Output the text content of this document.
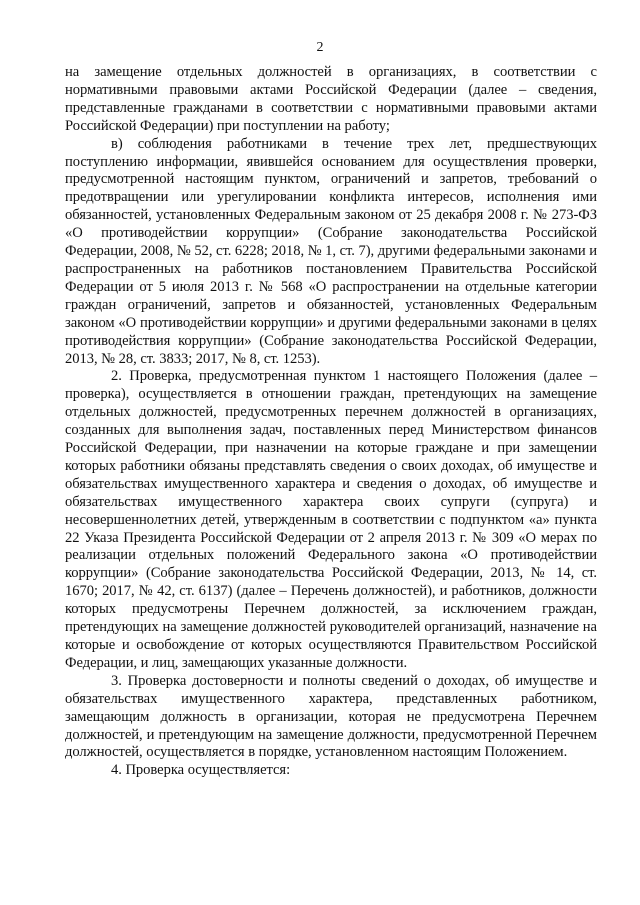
2

на замещение отдельных должностей в организациях, в соответствии с нормативными правовыми актами Российской Федерации (далее – сведения, представленные гражданами в соответствии с нормативными правовыми актами Российской Федерации) при поступлении на работу;

в) соблюдения работниками в течение трех лет, предшествующих поступлению информации, явившейся основанием для осуществления проверки, предусмотренной настоящим пунктом, ограничений и запретов, требований о предотвращении или урегулировании конфликта интересов, исполнения ими обязанностей, установленных Федеральным законом от 25 декабря 2008 г. № 273-ФЗ «О противодействии коррупции» (Собрание законодательства Российской Федерации, 2008, № 52, ст. 6228; 2018, № 1, ст. 7), другими федеральными законами и распространенных на работников постановлением Правительства Российской Федерации от 5 июля 2013 г. № 568 «О распространении на отдельные категории граждан ограничений, запретов и обязанностей, установленных Федеральным законом «О противодействии коррупции» и другими федеральными законами в целях противодействия коррупции» (Собрание законодательства Российской Федерации, 2013, № 28, ст. 3833; 2017, № 8, ст. 1253).

2. Проверка, предусмотренная пунктом 1 настоящего Положения (далее – проверка), осуществляется в отношении граждан, претендующих на замещение отдельных должностей, предусмотренных перечнем должностей в организациях, созданных для выполнения задач, поставленных перед Министерством финансов Российской Федерации, при назначении на которые граждане и при замещении которых работники обязаны представлять сведения о своих доходах, об имуществе и обязательствах имущественного характера и сведения о доходах, об имуществе и обязательствах имущественного характера своих супруги (супруга) и несовершеннолетних детей, утвержденным в соответствии с подпунктом «а» пункта 22 Указа Президента Российской Федерации от 2 апреля 2013 г. № 309 «О мерах по реализации отдельных положений Федерального закона «О противодействии коррупции» (Собрание законодательства Российской Федерации, 2013, № 14, ст. 1670; 2017, № 42, ст. 6137) (далее – Перечень должностей), и работников, должности которых предусмотрены Перечнем должностей, за исключением граждан, претендующих на замещение должностей руководителей организаций, назначение на которые и освобождение от которых осуществляются Правительством Российской Федерации, и лиц, замещающих указанные должности.

3. Проверка достоверности и полноты сведений о доходах, об имуществе и обязательствах имущественного характера, представленных работником, замещающим должность в организации, которая не предусмотрена Перечнем должностей, и претендующим на замещение должности, предусмотренной Перечнем должностей, осуществляется в порядке, установленном настоящим Положением.

4. Проверка осуществляется:
